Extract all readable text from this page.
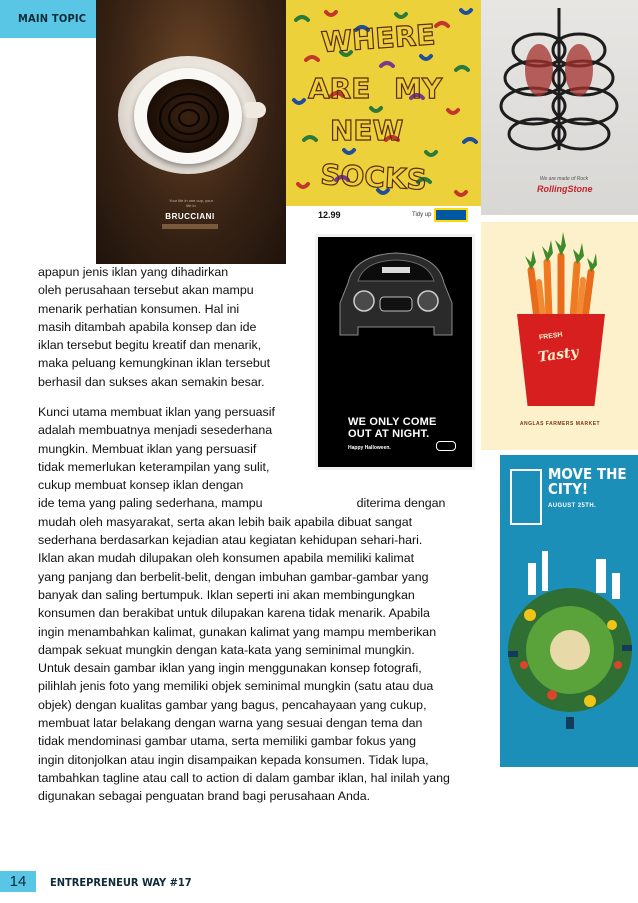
MAIN TOPIC
Your life in one cup, your life in
BRUCCIANI
WHERE
ARE MY
NEW
SOCKS
12.99	Tidy up
We are made of Rock
RollingStone
WE ONLY COME OUT AT NIGHT.
Happy Halloween.
FRESH
Tasty
ANGLAS FARMERS MARKET
MOVE THE CITY!
AUGUST 25TH.
apapun jenis iklan yang dihadirkan
oleh perusahaan tersebut akan mampu
menarik perhatian konsumen. Hal ini
masih ditambah apabila konsep dan ide
iklan tersebut begitu kreatif dan menarik,
maka peluang kemungkinan iklan tersebut
berhasil dan sukses akan semakin besar.
Kunci utama membuat iklan yang persuasif
adalah membuatnya menjadi sesederhana
mungkin. Membuat iklan yang persuasif
tidak memerlukan keterampilan yang sulit,
cukup membuat konsep iklan dengan
ide tema yang paling sederhana, mampu	diterima dengan
mudah oleh masyarakat, serta akan lebih baik apabila dibuat sangat
sederhana berdasarkan kejadian atau kegiatan kehidupan sehari-hari.
Iklan akan mudah dilupakan oleh konsumen apabila memiliki kalimat
yang panjang dan berbelit-belit, dengan imbuhan gambar-gambar yang
banyak dan saling bertumpuk. Iklan seperti ini akan membingungkan
konsumen dan berakibat untuk dilupakan karena tidak menarik. Apabila
ingin menambahkan kalimat, gunakan kalimat yang mampu memberikan
dampak sekuat mungkin dengan kata-kata yang seminimal mungkin.
Untuk desain gambar iklan yang ingin menggunakan konsep fotografi,
pilihlah jenis foto yang memiliki objek seminimal mungkin (satu atau dua
objek) dengan kualitas gambar yang bagus, pencahayaan yang cukup,
membuat latar belakang dengan warna yang sesuai dengan tema dan
tidak mendominasi gambar utama, serta memiliki gambar fokus yang
ingin ditonjolkan atau ingin disampaikan kepada konsumen. Tidak lupa,
tambahkan tagline atau call to action di dalam gambar iklan, hal inilah yang
digunakan sebagai penguatan brand bagi perusahaan Anda.
14	ENTREPRENEUR WAY #17
